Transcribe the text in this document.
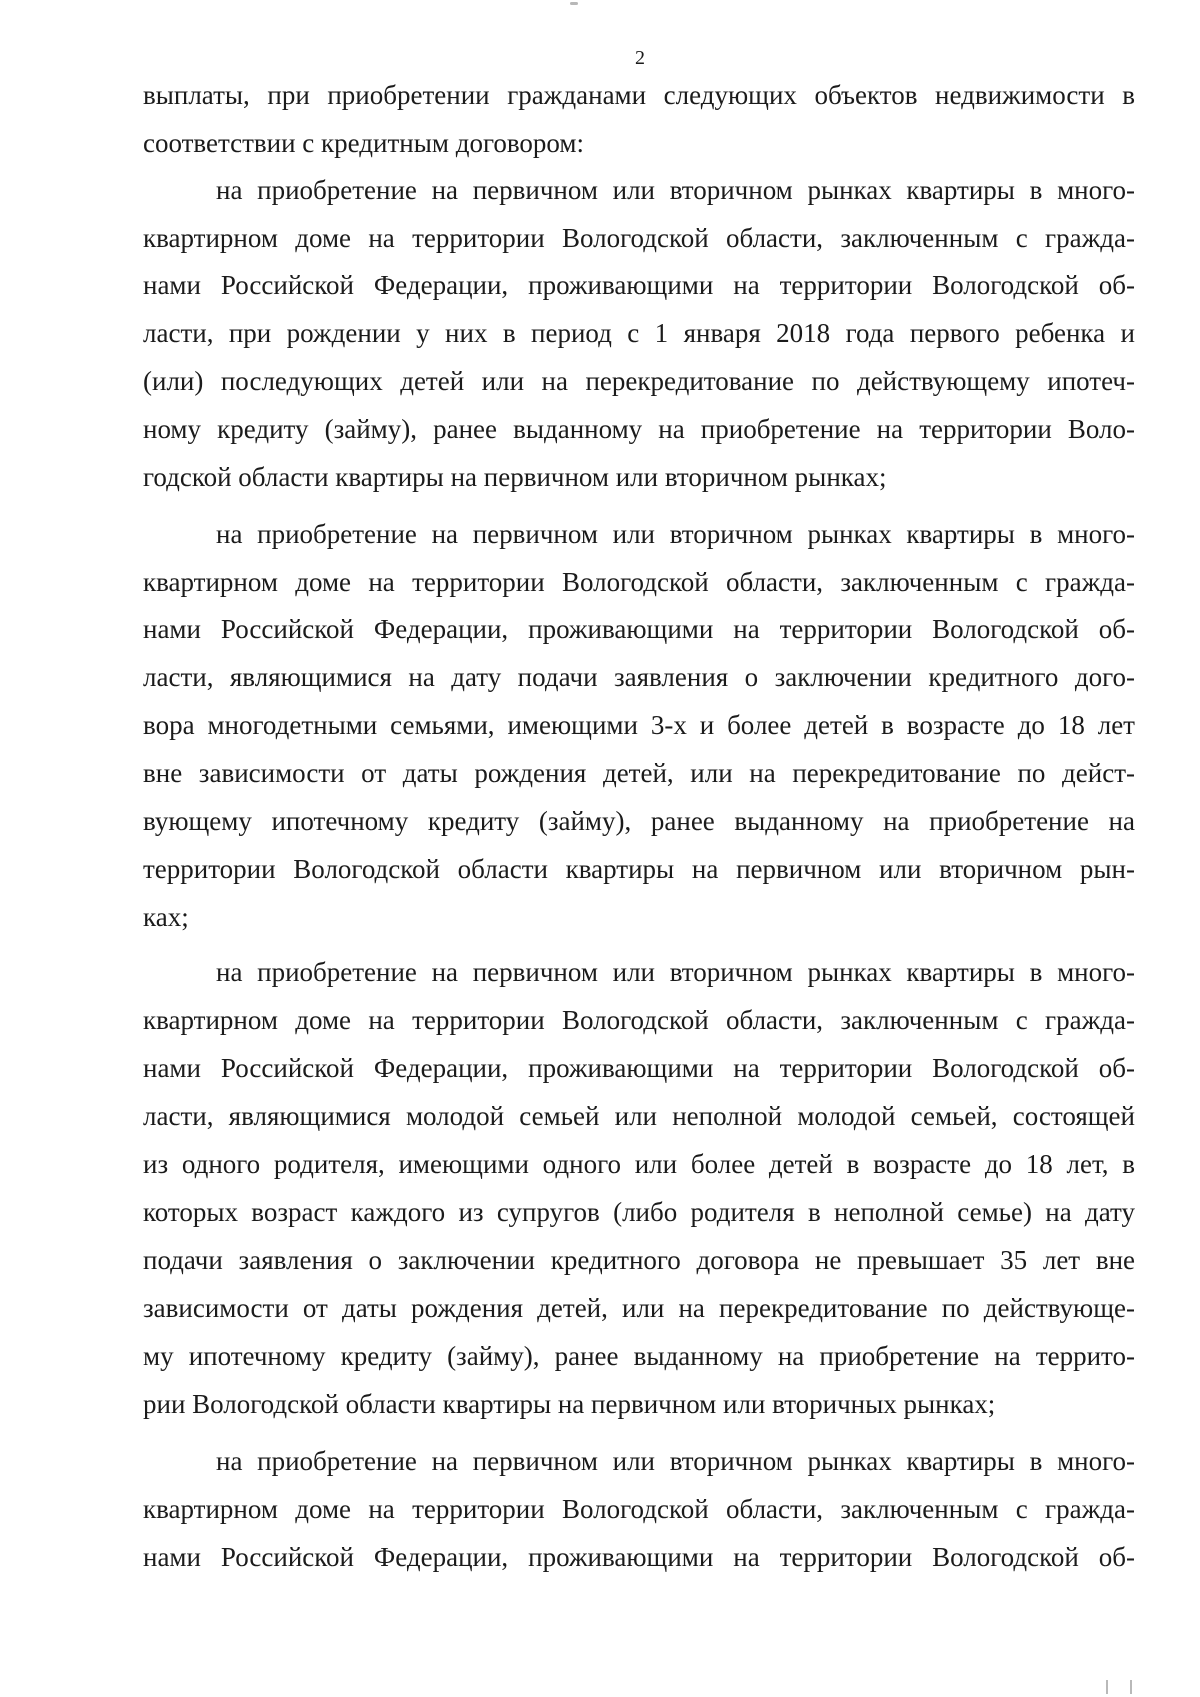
2
выплаты, при приобретении гражданами следующих объектов недвижимости в
соответствии с кредитным договором:
на приобретение на первичном или вторичном рынках квартиры в много-
квартирном доме на территории Вологодской области, заключенным с гражда-
нами Российской Федерации, проживающими на территории Вологодской об-
ласти, при рождении у них в период с 1 января 2018 года первого ребенка и
(или) последующих детей или на перекредитование по действующему ипотеч-
ному кредиту (займу), ранее выданному на приобретение на территории Воло-
годской области квартиры на первичном или вторичном рынках;
на приобретение на первичном или вторичном рынках квартиры в много-
квартирном доме на территории Вологодской области, заключенным с гражда-
нами Российской Федерации, проживающими на территории Вологодской об-
ласти, являющимися на дату подачи заявления о заключении кредитного дого-
вора многодетными семьями, имеющими 3-х и более детей в возрасте до 18 лет
вне зависимости от даты рождения детей, или на перекредитование по дейст-
вующему ипотечному кредиту (займу), ранее выданному на приобретение на
территории Вологодской области квартиры на первичном или вторичном рын-
ках;
на приобретение на первичном или вторичном рынках квартиры в много-
квартирном доме на территории Вологодской области, заключенным с гражда-
нами Российской Федерации, проживающими на территории Вологодской об-
ласти, являющимися молодой семьей или неполной молодой семьей, состоящей
из одного родителя, имеющими одного или более детей в возрасте до 18 лет, в
которых возраст каждого из супругов (либо родителя в неполной семье) на дату
подачи заявления о заключении кредитного договора не превышает 35 лет вне
зависимости от даты рождения детей, или на перекредитование по действующе-
му ипотечному кредиту (займу), ранее выданному на приобретение на террито-
рии Вологодской области квартиры на первичном или вторичных рынках;
на приобретение на первичном или вторичном рынках квартиры в много-
квартирном доме на территории Вологодской области, заключенным с гражда-
нами Российской Федерации, проживающими на территории Вологодской об-
